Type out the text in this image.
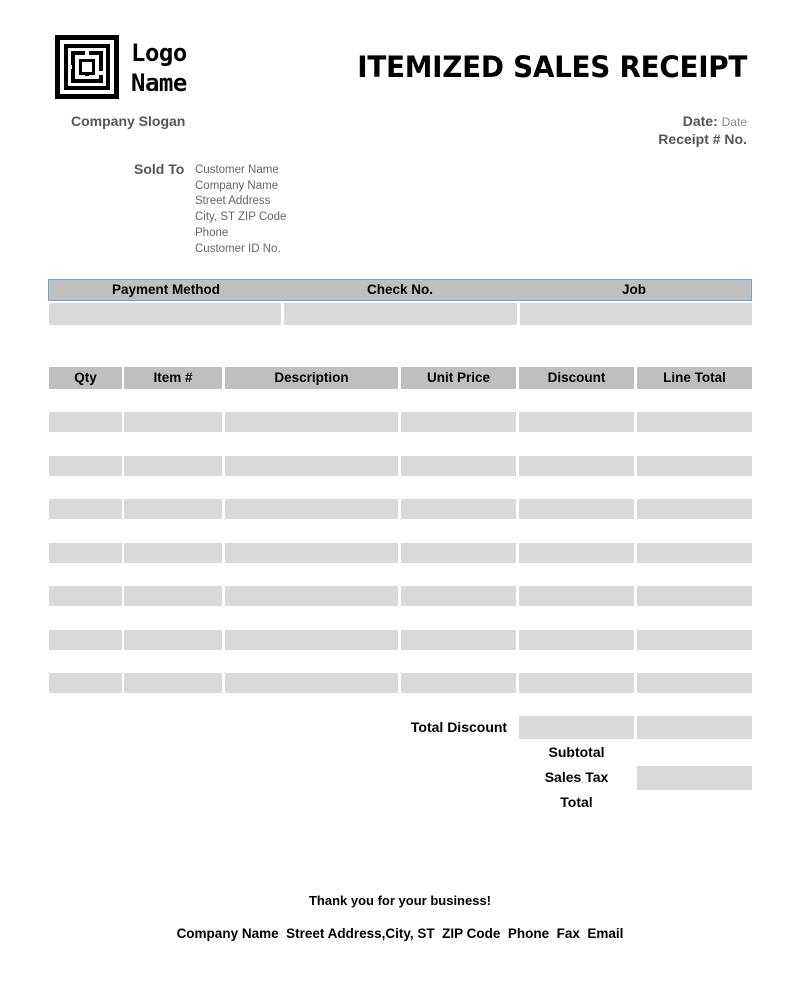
Logo
Name	ITEMIZED SALES RECEIPT
Company Slogan	Date: Date
Receipt # No.
Sold To Customer Name
Company Name
Street Address
City, ST ZIP Code
Phone
Customer ID No.
Payment Method	Check No.	Job
Qty	Item #	Description	Unit Price	Discount	Line Total
Total Discount
Subtotal
Sales Tax
Total
Thank you for your business!
Company Name  Street Address,City, ST  ZIP Code  Phone  Fax  Email
